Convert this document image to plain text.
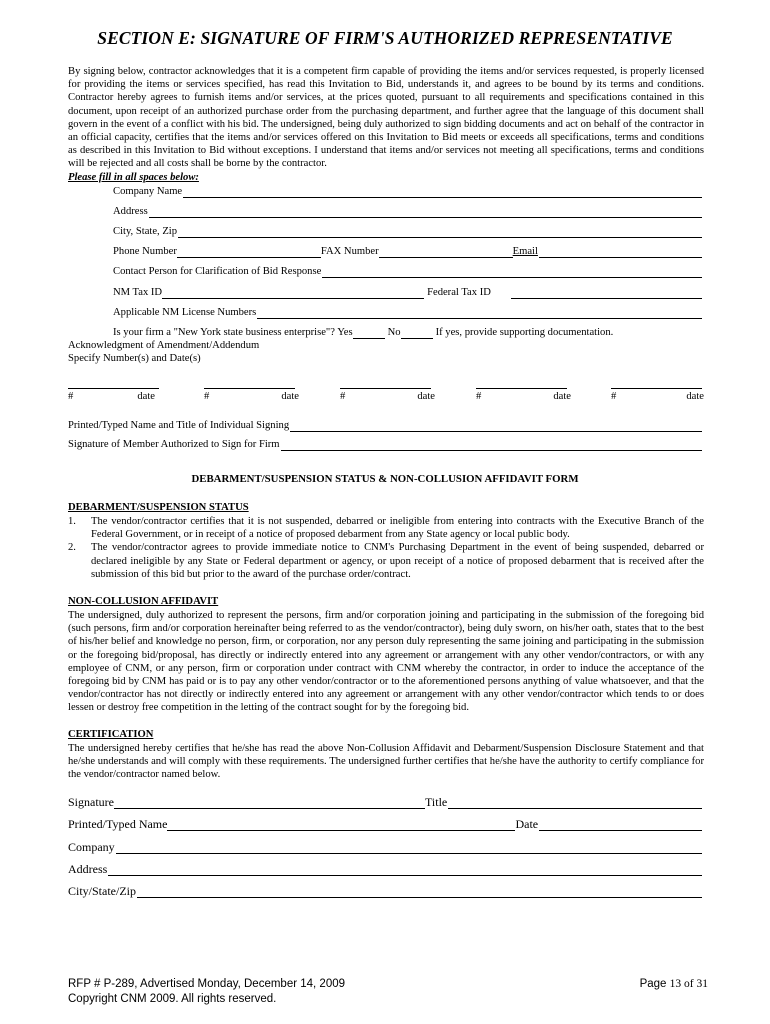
SECTION E: SIGNATURE OF FIRM'S AUTHORIZED REPRESENTATIVE
By signing below, contractor acknowledges that it is a competent firm capable of providing the items and/or services requested, is properly licensed for providing the items or services specified, has read this Invitation to Bid, understands it, and agrees to be bound by its terms and conditions. Contractor hereby agrees to furnish items and/or services, at the prices quoted, pursuant to all requirements and specifications contained in this document, upon receipt of an authorized purchase order from the purchasing department, and further agree that the language of this document shall govern in the event of a conflict with his bid. The undersigned, being duly authorized to sign bidding documents and act on behalf of the contractor in an official capacity, certifies that the items and/or services offered on this Invitation to Bid meets or exceeds all specifications, terms and conditions as described in this Invitation to Bid without exceptions. I understand that items and/or services not meeting all specifications, terms and conditions will be rejected and all costs shall be borne by the contractor.
Please fill in all spaces below:
Company Name
Address
City, State, Zip
Phone Number	FAX Number	Email
Contact Person for Clarification of Bid Response
NM Tax ID	Federal Tax ID
Applicable NM License Numbers
Is your firm a "New York state business enterprise"? Yes	No	If yes, provide supporting documentation.
Acknowledgment of Amendment/Addendum
Specify Number(s) and Date(s)
#	date	#	date	#	date	#	date	#	date
Printed/Typed Name and Title of Individual Signing
Signature of Member Authorized to Sign for Firm
DEBARMENT/SUSPENSION STATUS & NON-COLLUSION AFFIDAVIT FORM
DEBARMENT/SUSPENSION STATUS
1.	The vendor/contractor certifies that it is not suspended, debarred or ineligible from entering into contracts with the Executive Branch of the Federal Government, or in receipt of a notice of proposed debarment from any State agency or local public body.
2.	The vendor/contractor agrees to provide immediate notice to CNM's Purchasing Department in the event of being suspended, debarred or declared ineligible by any State or Federal department or agency, or upon receipt of a notice of proposed debarment that is received after the submission of this bid but prior to the award of the purchase order/contract.
NON-COLLUSION AFFIDAVIT
The undersigned, duly authorized to represent the persons, firm and/or corporation joining and participating in the submission of the foregoing bid (such persons, firm and/or corporation hereinafter being referred to as the vendor/contractor), being duly sworn, on his/her oath, states that to the best of his/her belief and knowledge no person, firm, or corporation, nor any person duly representing the same joining and participating in the submission or the foregoing bid/proposal, has directly or indirectly entered into any agreement or arrangement with any other vendor/contractors, or with any employee of CNM, or any person, firm or corporation under contract with CNM whereby the contractor, in order to induce the acceptance of the foregoing bid by CNM has paid or is to pay any other vendor/contractor or to the aforementioned persons anything of value whatsoever, and that the vendor/contractor has not directly or indirectly entered into any agreement or arrangement with any other vendor/contractor which tends to or does lessen or destroy free competition in the letting of the contract sought for by the foregoing bid.
CERTIFICATION
The undersigned hereby certifies that he/she has read the above Non-Collusion Affidavit and Debarment/Suspension Disclosure Statement and that he/she understands and will comply with these requirements. The undersigned further certifies that he/she have the authority to certify compliance for the vendor/contractor named below.
Signature	Title
Printed/Typed Name	Date
Company
Address
City/State/Zip
RFP # P-289, Advertised Monday, December 14, 2009
Copyright CNM 2009. All rights reserved.
Page 13 of 31
